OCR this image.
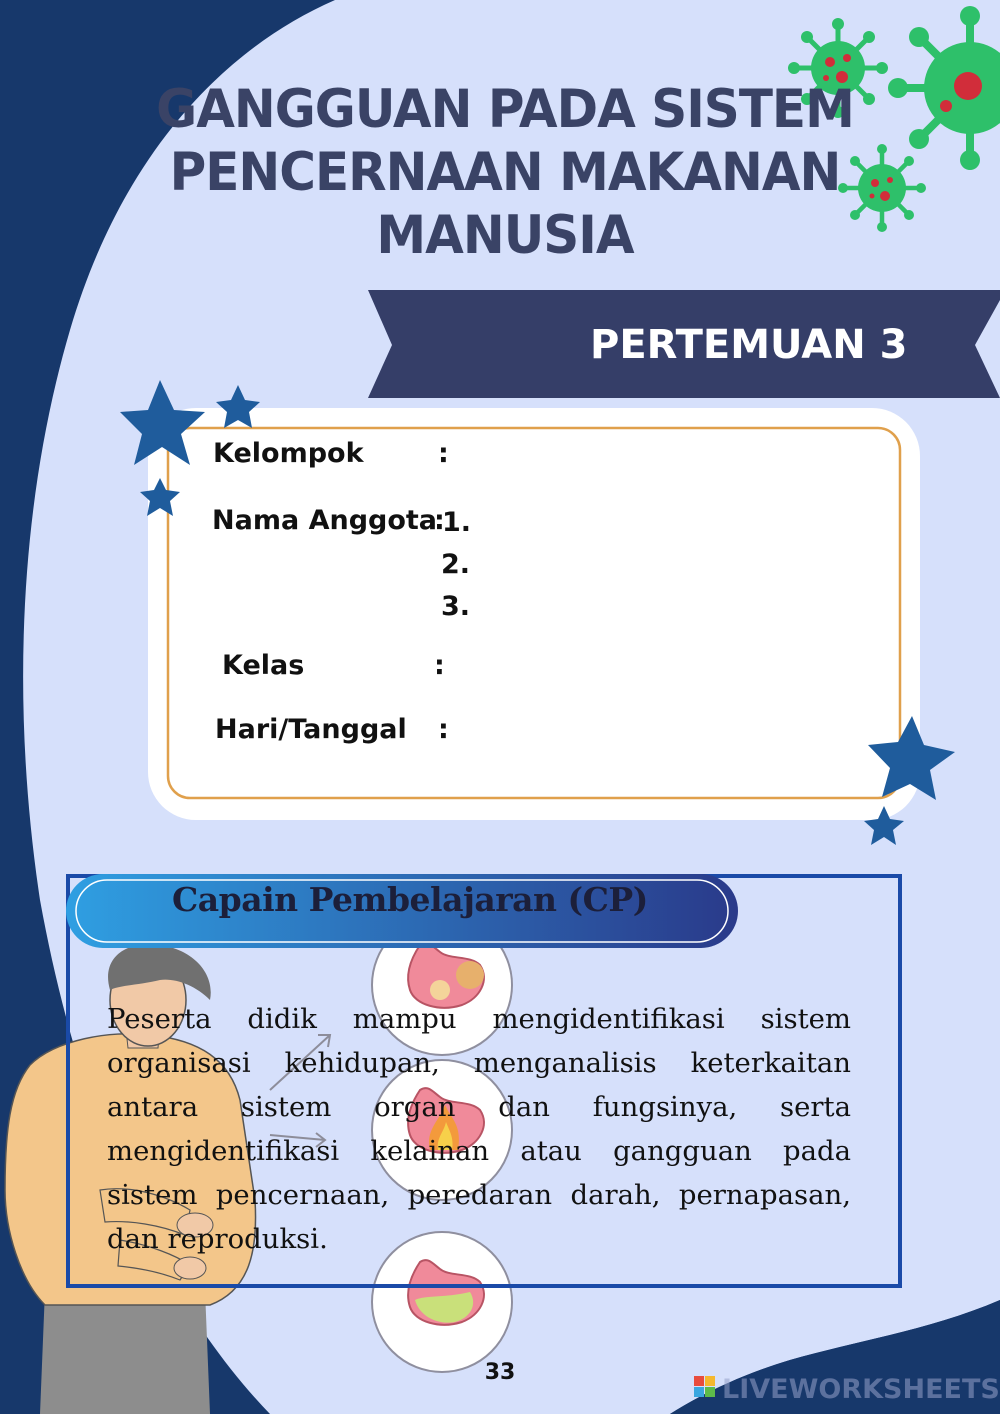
GANGGUAN PADA SISTEM
PENCERNAAN MAKANAN
MANUSIA
PERTEMUAN 3
Kelompok	:
Nama Anggota
:
1.
2.
3.
Kelas	:
Hari/Tanggal :
Capain Pembelajaran (CP)
Peserta didik mampu mengidentifikasi sistem organisasi kehidupan, menganalisis keterkaitan antara sistem organ dan fungsinya, serta mengidentifikasi kelainan atau gangguan pada sistem pencernaan, peredaran darah, pernapasan, dan reproduksi.
33
LIVEWORKSHEETS
